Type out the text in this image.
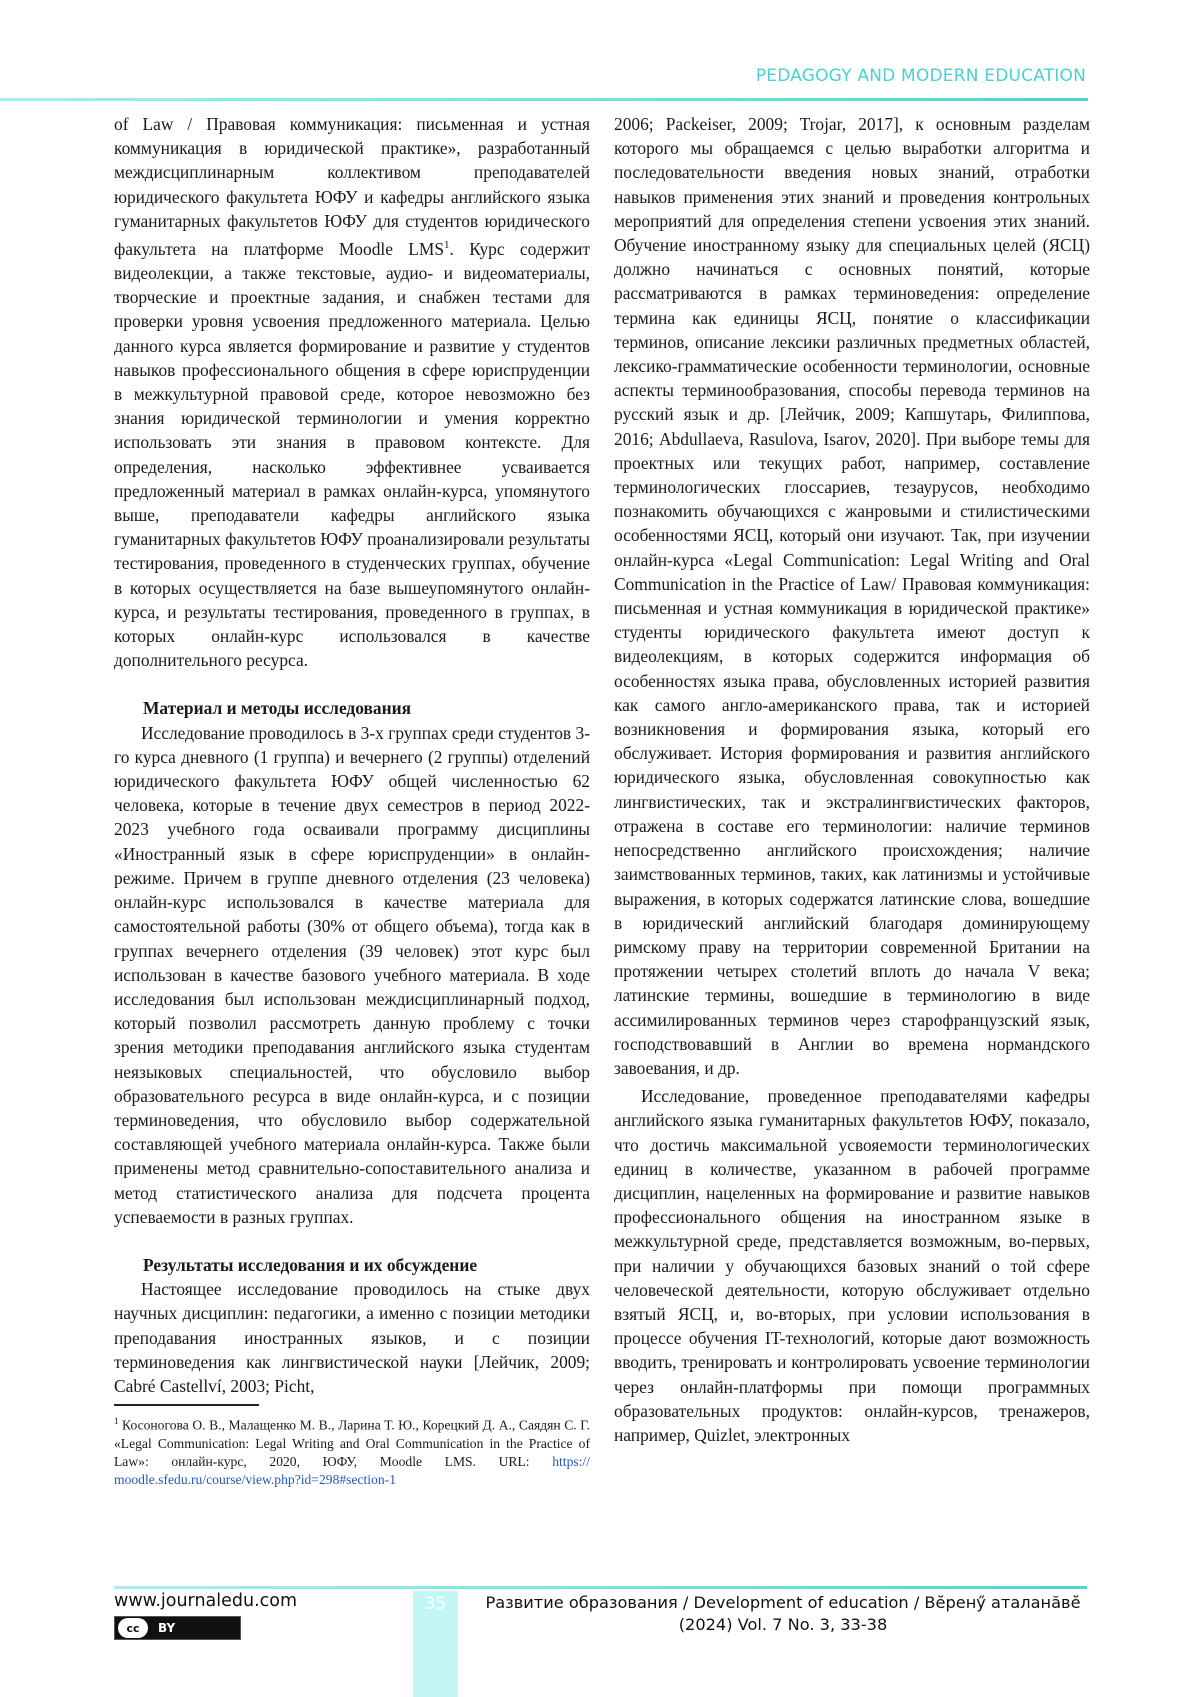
PEDAGOGY AND MODERN EDUCATION

of Law / Правовая коммуникация: письменная и устная коммуникация в юридической практике», разработанный междисциплинарным коллективом преподавателей юридического факультета ЮФУ и кафедры английского языка гуманитарных факультетов ЮФУ для студентов юридического факультета на платформе Moodle LMS$^1$. Курс содержит видеолекции, а также текстовые, аудио- и видеоматериалы, творческие и проектные задания, и снабжен тестами для проверки уровня усвоения предложенного материала. Целью данного курса является формирование и развитие у студентов навыков профессионального общения в сфере юриспруденции в межкультурной правовой среде, которое невозможно без знания юридической терминологии и умения корректно использовать эти знания в правовом контексте. Для определения, насколько эффективнее усваивается предложенный материал в рамках онлайн-курса, упомянутого выше, преподаватели кафедры английского языка гуманитарных факультетов ЮФУ проанализировали результаты тестирования, проведенного в студенческих группах, обучение в которых осуществляется на базе вышеупомянутого онлайн-курса, и результаты тестирования, проведенного в группах, в которых онлайн-курс использовался в качестве дополнительного ресурса.

Материал и методы исследования

Исследование проводилось в 3-х группах среди студентов 3-го курса дневного (1 группа) и вечернего (2 группы) отделений юридического факультета ЮФУ общей численностью 62 человека, которые в течение двух семестров в период 2022-2023 учебного года осваивали программу дисциплины «Иностранный язык в сфере юриспруденции» в онлайн-режиме. Причем в группе дневного отделения (23 человека) онлайн-курс использовался в качестве материала для самостоятельной работы (30% от общего объема), тогда как в группах вечернего отделения (39 человек) этот курс был использован в качестве базового учебного материала. В ходе исследования был использован междисциплинарный подход, который позволил рассмотреть данную проблему с точки зрения методики преподавания английского языка студентам неязыковых специальностей, что обусловило выбор образовательного ресурса в виде онлайн-курса, и с позиции терминоведения, что обусловило выбор содержательной составляющей учебного материала онлайн-курса. Также были применены метод сравнительно-сопоставительного анализа и метод статистического анализа для подсчета процента успеваемости в разных группах.

Результаты исследования и их обсуждение

Настоящее исследование проводилось на стыке двух научных дисциплин: педагогики, а именно с позиции методики преподавания иностранных языков, и с позиции терминоведения как лингвистической науки [Лейчик, 2009; Cabré Castellví, 2003; Picht,

$^1$ Косоногова О. В., Малащенко М. В., Ларина Т. Ю., Корецкий Д. А., Саядян С. Г. «Legal Communication: Legal Writing and Oral Communication in the Practice of Law»: онлайн-курс, 2020, ЮФУ, Moodle LMS. URL: https:// moodle.sfedu.ru/course/view.php?id=298#section-1

2006; Packeiser, 2009; Trojar, 2017], к основным разделам которого мы обращаемся с целью выработки алгоритма и последовательности введения новых знаний, отработки навыков применения этих знаний и проведения контрольных мероприятий для определения степени усвоения этих знаний. Обучение иностранному языку для специальных целей (ЯСЦ) должно начинаться с основных понятий, которые рассматриваются в рамках терминоведения: определение термина как единицы ЯСЦ, понятие о классификации терминов, описание лексики различных предметных областей, лексико-грамматические особенности терминологии, основные аспекты терминообразования, способы перевода терминов на русский язык и др. [Лейчик, 2009; Капшутарь, Филиппова, 2016; Abdullaeva, Rasulova, Isarov, 2020]. При выборе темы для проектных или текущих работ, например, составление терминологических глоссариев, тезаурусов, необходимо познакомить обучающихся с жанровыми и стилистическими особенностями ЯСЦ, который они изучают. Так, при изучении онлайн-курса «Legal Communication: Legal Writing and Oral Communication in the Practice of Law/ Правовая коммуникация: письменная и устная коммуникация в юридической практике» студенты юридического факультета имеют доступ к видеолекциям, в которых содержится информация об особенностях языка права, обусловленных историей развития как самого англо-американского права, так и историей возникновения и формирования языка, который его обслуживает. История формирования и развития английского юридического языка, обусловленная совокупностью как лингвистических, так и экстралингвистических факторов, отражена в составе его терминологии: наличие терминов непосредственно английского происхождения; наличие заимствованных терминов, таких, как латинизмы и устойчивые выражения, в которых содержатся латинские слова, вошедшие в юридический английский благодаря доминирующему римскому праву на территории современной Британии на протяжении четырех столетий вплоть до начала V века; латинские термины, вошедшие в терминологию в виде ассимилированных терминов через старофранцузский язык, господствовавший в Англии во времена нормандского завоевания, и др.

Исследование, проведенное преподавателями кафедры английского языка гуманитарных факультетов ЮФУ, показало, что достичь максимальной усвояемости терминологических единиц в количестве, указанном в рабочей программе дисциплин, нацеленных на формирование и развитие навыков профессионального общения на иностранном языке в межкультурной среде, представляется возможным, во-первых, при наличии у обучающихся базовых знаний о той сфере человеческой деятельности, которую обслуживает отдельно взятый ЯСЦ, и, во-вторых, при условии использования в процессе обучения IT-технологий, которые дают возможность вводить, тренировать и контролировать усвоение терминологии через онлайн-платформы при помощи программных образовательных продуктов: онлайн-курсов, тренажеров, например, Quizlet, электронных

35
www.journaledu.com
cc	BY
Развитие образования / Development of education / Вĕренӳ аталанăвĕ
(2024) Vol. 7 No. 3, 33-38
